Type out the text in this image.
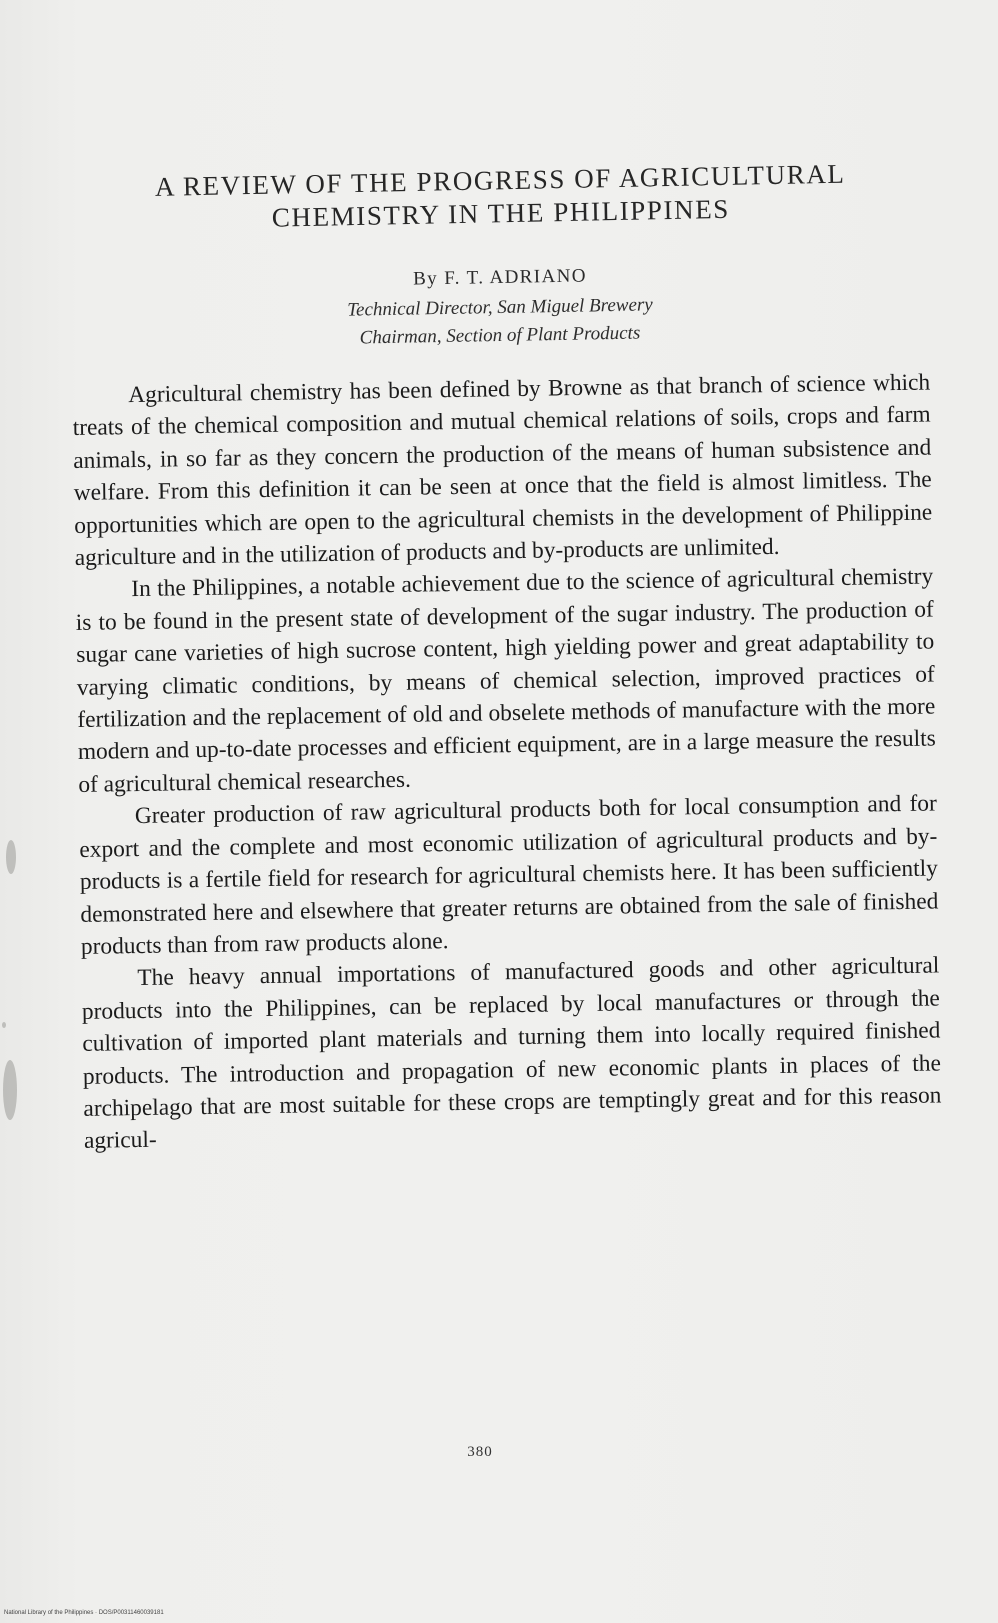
A REVIEW OF THE PROGRESS OF AGRICULTURAL
CHEMISTRY IN THE PHILIPPINES
By F. T. ADRIANO
Technical Director, San Miguel Brewery
Chairman, Section of Plant Products

Agricultural chemistry has been defined by Browne as that branch of science which treats of the chemical composition and mutual chemical relations of soils, crops and farm animals, in so far as they concern the production of the means of human subsistence and welfare. From this definition it can be seen at once that the field is almost limitless. The opportunities which are open to the agricultural chemists in the development of Philippine agriculture and in the utilization of products and by-products are unlimited.

In the Philippines, a notable achievement due to the science of agricultural chemistry is to be found in the present state of development of the sugar industry. The production of sugar cane varieties of high sucrose content, high yielding power and great adaptability to varying climatic conditions, by means of chemical selection, improved practices of fertilization and the replacement of old and obselete methods of manufacture with the more modern and up-to-date processes and efficient equipment, are in a large measure the results of agricultural chemical researches.

Greater production of raw agricultural products both for local consumption and for export and the complete and most economic utilization of agricultural products and by-products is a fertile field for research for agricultural chemists here. It has been sufficiently demonstrated here and elsewhere that greater returns are obtained from the sale of finished products than from raw products alone.

The heavy annual importations of manufactured goods and other agricultural products into the Philippines, can be replaced by local manufactures or through the cultivation of imported plant materials and turning them into locally required finished products. The introduction and propagation of new economic plants in places of the archipelago that are most suitable for these crops are temptingly great and for this reason agricul-

380
National Library of the Philippines · DOS/P00311460039181
